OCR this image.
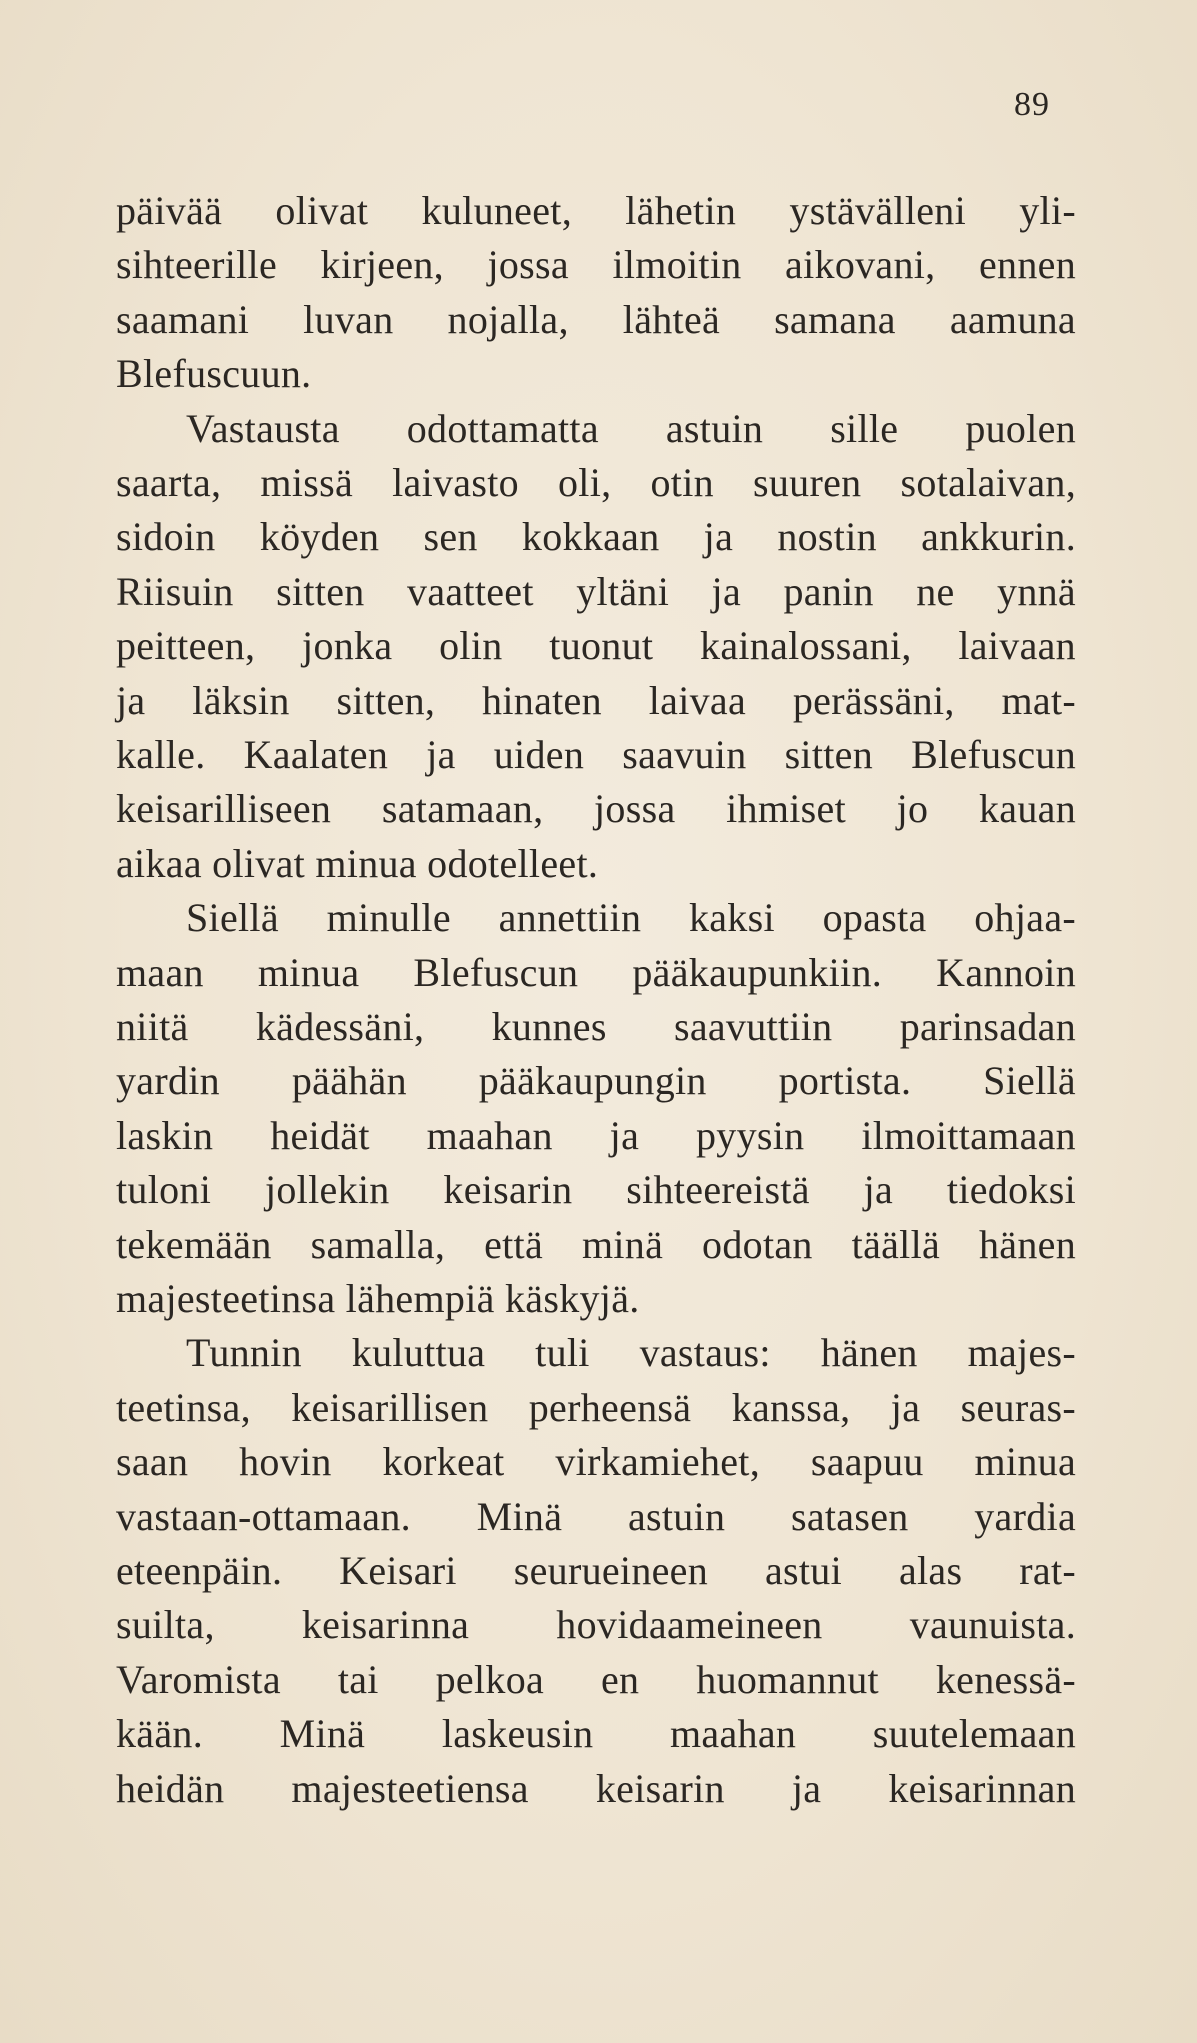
89
päivää olivat kuluneet, lähetin ystävälleni yli-
sihteerille kirjeen, jossa ilmoitin aikovani, ennen
saamani luvan nojalla, lähteä samana aamuna
Blefuscuun.
Vastausta odottamatta astuin sille puolen
saarta, missä laivasto oli, otin suuren sotalaivan,
sidoin köyden sen kokkaan ja nostin ankkurin.
Riisuin sitten vaatteet yltäni ja panin ne ynnä
peitteen, jonka olin tuonut kainalossani, laivaan
ja läksin sitten, hinaten laivaa perässäni, mat-
kalle. Kaalaten ja uiden saavuin sitten Blefuscun
keisarilliseen satamaan, jossa ihmiset jo kauan
aikaa olivat minua odotelleet.
Siellä minulle annettiin kaksi opasta ohjaa-
maan minua Blefuscun pääkaupunkiin. Kannoin
niitä kädessäni, kunnes saavuttiin parinsadan
yardin päähän pääkaupungin portista. Siellä
laskin heidät maahan ja pyysin ilmoittamaan
tuloni jollekin keisarin sihteereistä ja tiedoksi
tekemään samalla, että minä odotan täällä hänen
majesteetinsa lähempiä käskyjä.
Tunnin kuluttua tuli vastaus: hänen majes-
teetinsa, keisarillisen perheensä kanssa, ja seuras-
saan hovin korkeat virkamiehet, saapuu minua
vastaan-ottamaan. Minä astuin satasen yardia
eteenpäin. Keisari seurueineen astui alas rat-
suilta, keisarinna hovidaameineen vaunuista.
Varomista tai pelkoa en huomannut kenessä-
kään. Minä laskeusin maahan suutelemaan
heidän majesteetiensa keisarin ja keisarinnan
